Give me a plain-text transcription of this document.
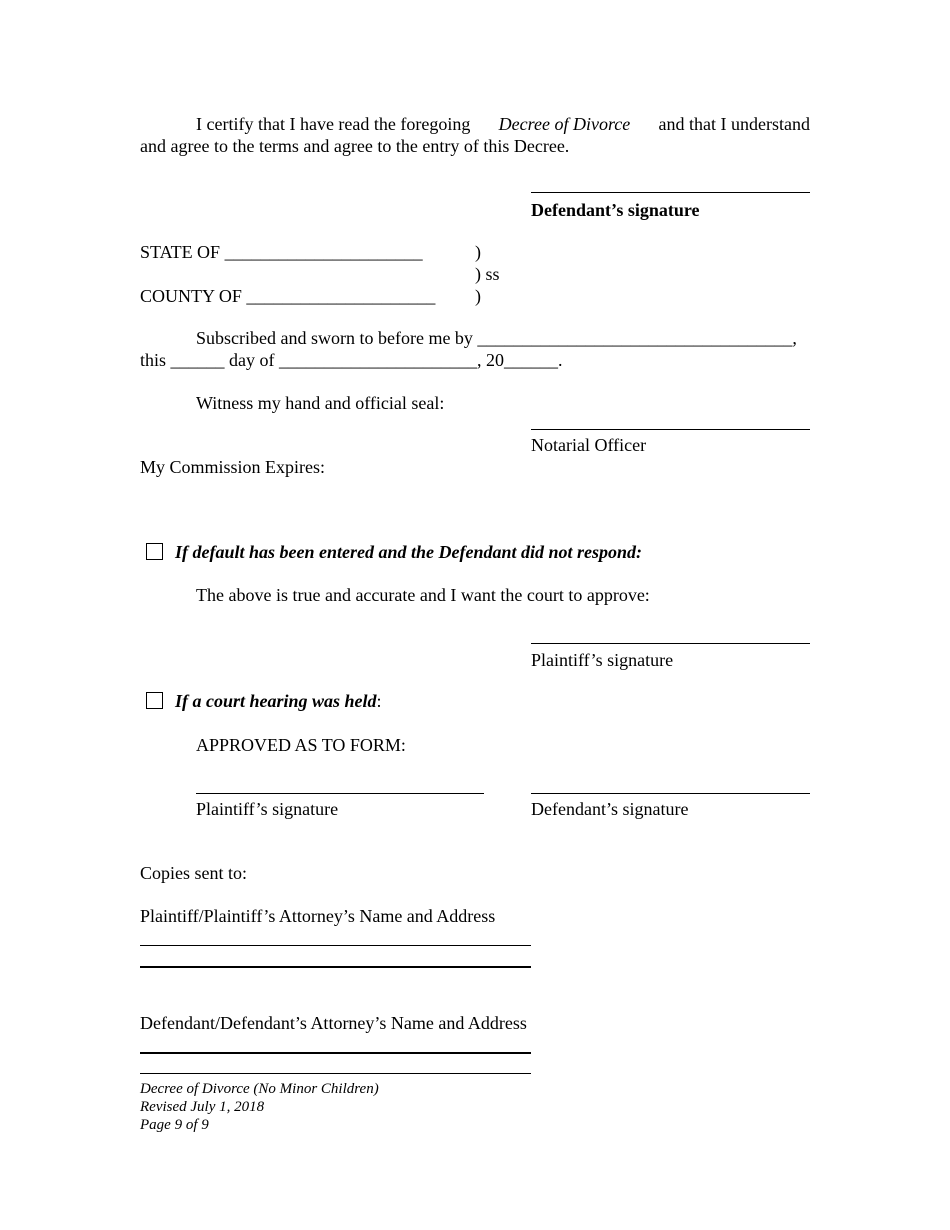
I certify that I have read the foregoing Decree of Divorce and that I understand
and agree to the terms and agree to the entry of this Decree.
Defendant’s signature
STATE OF ______________________	)
) ss
COUNTY OF _____________________ )
Subscribed and sworn to before me by ___________________________________,
this ______ day of ______________________, 20______.
Witness my hand and official seal:
Notarial Officer
My Commission Expires:
If default has been entered and the Defendant did not respond:
The above is true and accurate and I want the court to approve:
Plaintiff’s signature
If a court hearing was held:
APPROVED AS TO FORM:
Plaintiff’s signature	Defendant’s signature
Copies sent to:
Plaintiff/Plaintiff’s Attorney’s Name and Address
Defendant/Defendant’s Attorney’s Name and Address
Decree of Divorce (No Minor Children)
Revised July 1, 2018
Page 9 of 9
